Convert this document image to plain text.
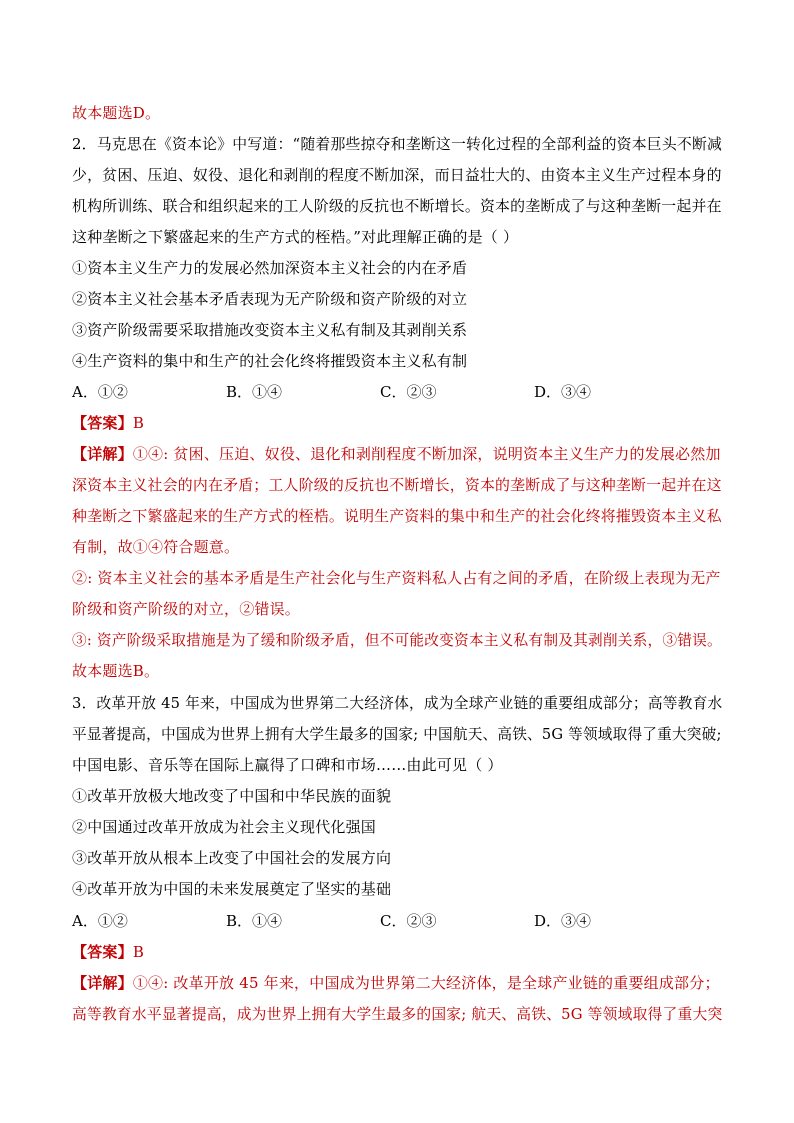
故本题选D。
2．马克思在《资本论》中写道：“随着那些掠夺和垄断这一转化过程的全部利益的资本巨头不断减
少，贫困、压迫、奴役、退化和剥削的程度不断加深，而日益壮大的、由资本主义生产过程本身的
机构所训练、联合和组织起来的工人阶级的反抗也不断增长。资本的垄断成了与这种垄断一起并在
这种垄断之下繁盛起来的生产方式的桎梏。”对此理解正确的是（ ）
①资本主义生产力的发展必然加深资本主义社会的内在矛盾
②资本主义社会基本矛盾表现为无产阶级和资产阶级的对立
③资产阶级需要采取措施改变资本主义私有制及其剥削关系
④生产资料的集中和生产的社会化终将摧毁资本主义私有制
A．①②	B．①④	C．②③	D．③④
【答案】B
【详解】①④: 贫困、压迫、奴役、退化和剥削程度不断加深，说明资本主义生产力的发展必然加
深资本主义社会的内在矛盾；工人阶级的反抗也不断增长，资本的垄断成了与这种垄断一起并在这
种垄断之下繁盛起来的生产方式的桎梏。说明生产资料的集中和生产的社会化终将摧毁资本主义私
有制，故①④符合题意。
②: 资本主义社会的基本矛盾是生产社会化与生产资料私人占有之间的矛盾，在阶级上表现为无产
阶级和资产阶级的对立，②错误。
③: 资产阶级采取措施是为了缓和阶级矛盾，但不可能改变资本主义私有制及其剥削关系，③错误。
故本题选B。
3．改革开放 45 年来，中国成为世界第二大经济体，成为全球产业链的重要组成部分；高等教育水
平显著提高，中国成为世界上拥有大学生最多的国家; 中国航天、高铁、5G 等领域取得了重大突破;
中国电影、音乐等在国际上赢得了口碑和市场……由此可见（ ）
①改革开放极大地改变了中国和中华民族的面貌
②中国通过改革开放成为社会主义现代化强国
③改革开放从根本上改变了中国社会的发展方向
④改革开放为中国的未来发展奠定了坚实的基础
A．①②	B．①④	C．②③	D．③④
【答案】B
【详解】①④: 改革开放 45 年来，中国成为世界第二大经济体，是全球产业链的重要组成部分；
高等教育水平显著提高，成为世界上拥有大学生最多的国家; 航天、高铁、5G 等领域取得了重大突
